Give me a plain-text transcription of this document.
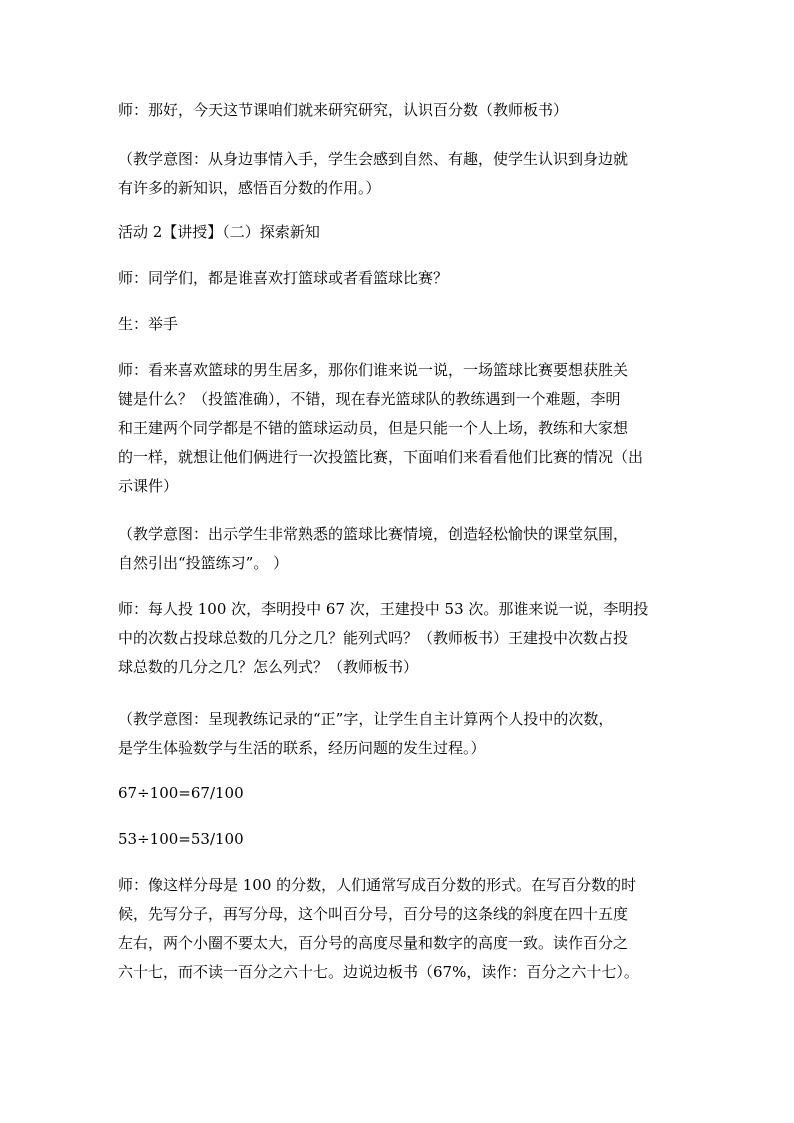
师：那好，今天这节课咱们就来研究研究，认识百分数（教师板书）
（教学意图：从身边事情入手，学生会感到自然、有趣，使学生认识到身边就
有许多的新知识，感悟百分数的作用。）
活动 2【讲授】（二）探索新知
师：同学们，都是谁喜欢打篮球或者看篮球比赛？
生：举手
师：看来喜欢篮球的男生居多，那你们谁来说一说，一场篮球比赛要想获胜关
键是什么？（投篮准确），不错，现在春光篮球队的教练遇到一个难题，李明
和王建两个同学都是不错的篮球运动员，但是只能一个人上场，教练和大家想
的一样，就想让他们俩进行一次投篮比赛，下面咱们来看看他们比赛的情况（出
示课件）
（教学意图：出示学生非常熟悉的篮球比赛情境，创造轻松愉快的课堂氛围，
自然引出“投篮练习”。 ）
师：每人投 100 次，李明投中 67 次，王建投中 53 次。那谁来说一说，李明投
中的次数占投球总数的几分之几？能列式吗？（教师板书）王建投中次数占投
球总数的几分之几？怎么列式？（教师板书）
（教学意图：呈现教练记录的“正”字，让学生自主计算两个人投中的次数，
是学生体验数学与生活的联系，经历问题的发生过程。）
67÷100=67/100
53÷100=53/100
师：像这样分母是 100 的分数，人们通常写成百分数的形式。在写百分数的时
候，先写分子，再写分母，这个叫百分号，百分号的这条线的斜度在四十五度
左右，两个小圈不要太大，百分号的高度尽量和数字的高度一致。读作百分之
六十七，而不读一百分之六十七。边说边板书（67%，读作：百分之六十七）。
